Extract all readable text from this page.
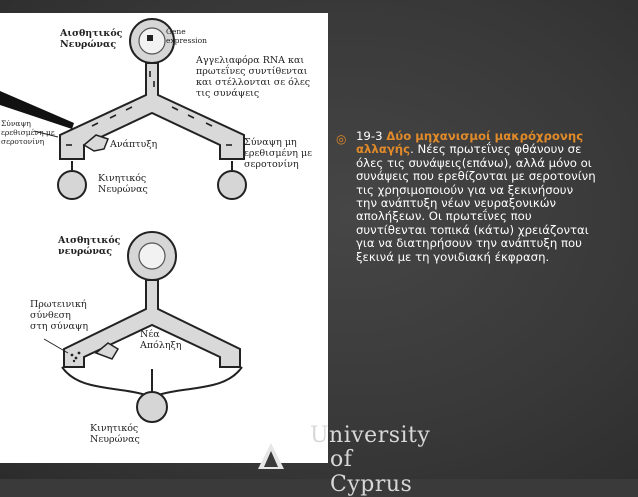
Αισθητικός Νευρώνας
Gene expression
Αγγελιαφόρα RNA και πρωτεΐνες συντίθενται και στέλλονται σε όλες τις συνάψεις
Σύναψη ερεθισμένη με σεροτονίνη	Ανάπτυξη	Σύναψη μη ερεθισμένη με σεροτονίνη
Κινητικός Νευρώνας
Αισθητικός νευρώνας
Πρωτεινική σύνθεση στη σύναψη
Νέα Απόληξη
Κινητικός Νευρώνας
◎ 19-3 Δύο μηχανισμοί μακρόχρονης αλλαγής. Νέες πρωτεΐνες φθάνουν σε όλες τις συνάψεις(επάνω), αλλά μόνο οι συνάψεις που ερεθίζονται με σεροτονίνη τις χρησιμοποιούν για να ξεκινήσουν την ανάπτυξη νέων νευραξονικών απολήξεων. Οι πρωτεΐνες που συντίθενται τοπικά (κάτω) χρειάζονται για να διατηρήσουν την ανάπτυξη που ξεκινά με τη γονιδιακή έκφραση.
University
of Cyprus
